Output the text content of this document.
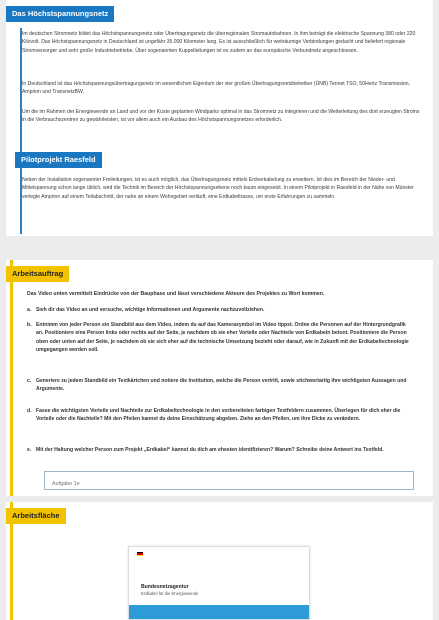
Das Höchstspannungsnetz

Im deutschen Stromnetz bildet das Höchstspannungsnetz oder Übertragungsnetz die überregionalen Stromautobahnen. In ihm beträgt die elektrische Spannung 380 oder 220 Kilovolt. Das Höchstspannungsnetz in Deutschland ist ungefähr 35.000 Kilometer lang. Es ist ausschließlich für weiträumige Verbindungen gedacht und beliefert regionale Stromversorger und sehr große Industriebetriebe. Über sogenannten Kuppelleitungen ist es zudem an das europäische Verbundnetz angeschlossen.

In Deutschland ist das Höchstspannungsübertragungsnetz im wesentlichen Eigentum der vier großen Übertragungsnetzbetreiber (ÜNB) Tennet TSO, 50Hertz Transmission, Amprion und TransnetzBW.

Um die im Rahmen der Energiewende an Land und vor der Küste geplanten Windparks optimal in das Stromnetz zu integrieren und die Weiterleitung des dort erzeugten Stroms in die Verbrauchszentren zu gewährleisten, ist vor allem auch ein Ausbau des Höchstspannungsnetzes erforderlich.

Pilotprojekt Raesfeld

Neben der Installation sogenannter Freileitungen, ist es auch möglich, das Übertragungsnetz mittels Erdverkabelung zu erweitern. Ist dies im Bereich der Nieder- und Mittelspannung schon lange üblich, wird die Technik im Bereich der Höchstspannungsebene noch kaum eingesetzt. In einem Pilotprojekt in Raesfeld in der Nähe von Münster verlegte Amprion auf einem Teilabschnitt, der nahe an einem Wohngebiet verläuft, eine Erdkabeltrasse, um erste Erfahrungen zu sammeln.

Arbeitsauftrag

Das Video unten vermittelt Eindrücke von der Bauphase und lässt verschiedene Akteure des Projektes zu Wort kommen.

a. Sieh dir das Video an und versuche, wichtige Informationen und Argumente nachzuvollziehen.
b. Entnimm von jeder Person ein Standbild aus dem Video, indem du auf das Kamerasymbol im Video tippst. Ordne die Personen auf der Hintergrundgrafik an. Positioniere eine Person links oder rechts auf der Seite, je nachdem ob sie eher Vorteile oder Nachteile von Erdkabeln betont. Positioniere die Person oben oder unten auf der Seite, je nachdem ob sie sich eher auf die technische Umsetzung bezieht oder darauf, wie in Zukunft mit der Erdkabeltechnologie umgegangen werden soll.
c. Generiere zu jedem Standbild ein Textkärtchen und notiere die Institution, welche die Person vertritt, sowie stichwortartig ihre wichtigsten Aussagen und Argumente.
d. Fasse die wichtigsten Vorteile und Nachteile zur Erdkabeltechnologie in den vorbereiteten farbigen Textfeldern zusammen. Überlegen für dich eher die Vorteile oder die Nachteile? Mit den Pfeilen kannst du deine Einschätzung abgeben. Ziehe an den Pfeilen, um ihre Dicke zu verändern.
e. Mit der Haltung welcher Person zum Projekt „Erdkabel“ kannst du dich am ehesten identifizieren? Warum? Schreibe deine Antwort ins Textfeld.
Aufgabe 1e
Arbeitsfläche
Bundesnetzagentur
Erdkabel für die Energiewende
